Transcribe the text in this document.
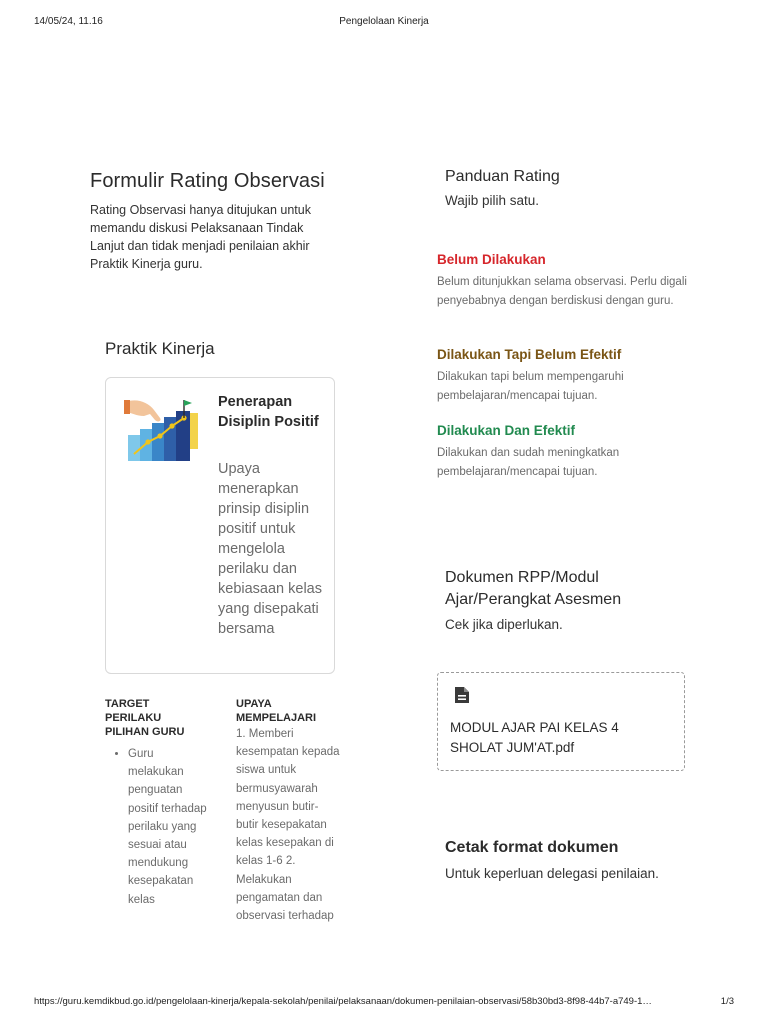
14/05/24, 11.16	Pengelolaan Kinerja
Formulir Rating Observasi
Rating Observasi hanya ditujukan untuk memandu diskusi Pelaksanaan Tindak Lanjut dan tidak menjadi penilaian akhir Praktik Kinerja guru.
Praktik Kinerja
Penerapan Disiplin Positif
Upaya menerapkan prinsip disiplin positif untuk mengelola perilaku dan kebiasaan kelas yang disepakati bersama
TARGET PERILAKU PILIHAN GURU
• Guru melakukan penguatan positif terhadap perilaku yang sesuai atau mendukung kesepakatan kelas
UPAYA MEMPELAJARI
1. Memberi kesempatan kepada siswa untuk bermusyawarah menyusun butir-butir kesepakatan kelas kesepakan di kelas 1-6 2. Melakukan pengamatan dan observasi terhadap
Panduan Rating
Wajib pilih satu.
Belum Dilakukan
Belum ditunjukkan selama observasi. Perlu digali penyebabnya dengan berdiskusi dengan guru.
Dilakukan Tapi Belum Efektif
Dilakukan tapi belum mempengaruhi pembelajaran/mencapai tujuan.
Dilakukan Dan Efektif
Dilakukan dan sudah meningkatkan pembelajaran/mencapai tujuan.
Dokumen RPP/Modul Ajar/Perangkat Asesmen
Cek jika diperlukan.
MODUL AJAR PAI KELAS 4 SHOLAT JUM'AT.pdf
Cetak format dokumen
Untuk keperluan delegasi penilaian.
https://guru.kemdikbud.go.id/pengelolaan-kinerja/kepala-sekolah/penilai/pelaksanaan/dokumen-penilaian-observasi/58b30bd3-8f98-44b7-a749-1…	1/3
